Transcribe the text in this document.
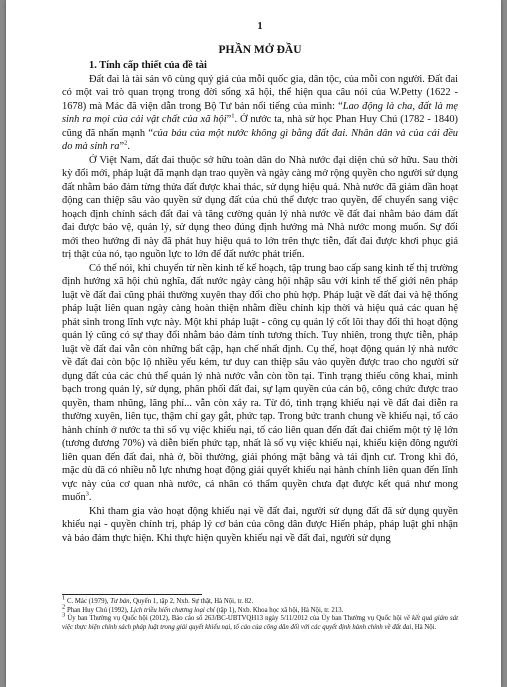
1

PHẦN MỞ ĐẦU

1. Tính cấp thiết của đề tài

Đất đai là tài sản vô cùng quý giá của mỗi quốc gia, dân tộc, của mỗi con người. Đất đai có một vai trò quan trọng trong đời sống xã hội, thể hiện qua câu nói của W.Petty (1622 - 1678) mà Mác đã viện dẫn trong Bộ Tư bản nổi tiếng của mình: “Lao động là cha, đất là mẹ sinh ra mọi của cải vật chất của xã hội”$^1$. Ở nước ta, nhà sử học Phan Huy Chú (1782 - 1840) cũng đã nhấn mạnh “của báu của một nước không gì bằng đất đai. Nhân dân và của cải đều do mà sinh ra”$^2$.

Ở Việt Nam, đất đai thuộc sở hữu toàn dân do Nhà nước đại diện chủ sở hữu. Sau thời kỳ đổi mới, pháp luật đã mạnh dạn trao quyền và ngày càng mở rộng quyền cho người sử dụng đất nhằm bảo đảm từng thửa đất được khai thác, sử dụng hiệu quả. Nhà nước đã giảm dần hoạt động can thiệp sâu vào quyền sử dụng đất của chủ thể được trao quyền, để chuyển sang việc hoạch định chính sách đất đai và tăng cường quản lý nhà nước về đất đai nhằm bảo đảm đất đai được bảo vệ, quản lý, sử dụng theo đúng định hướng mà Nhà nước mong muốn. Sự đổi mới theo hướng đi này đã phát huy hiệu quả to lớn trên thực tiễn, đất đai được khơi phục giá trị thật của nó, tạo nguồn lực to lớn để đất nước phát triển.

Có thể nói, khi chuyển từ nền kinh tế kế hoạch, tập trung bao cấp sang kinh tế thị trường định hướng xã hội chủ nghĩa, đất nước ngày càng hội nhập sâu với kinh tế thế giới nên pháp luật về đất đai cũng phải thường xuyên thay đổi cho phù hợp. Pháp luật về đất đai và hệ thống pháp luật liên quan ngày càng hoàn thiện nhằm điều chỉnh kịp thời và hiệu quả các quan hệ phát sinh trong lĩnh vực này. Một khi pháp luật - công cụ quản lý cốt lõi thay đổi thì hoạt động quản lý cũng có sự thay đổi nhằm bảo đảm tính tương thích. Tuy nhiên, trong thực tiễn, pháp luật về đất đai vẫn còn những bất cập, hạn chế nhất định. Cụ thể, hoạt động quản lý nhà nước về đất đai còn bộc lộ nhiều yếu kém, tư duy can thiệp sâu vào quyền được trao cho người sử dụng đất của các chủ thể quản lý nhà nước vẫn còn tồn tại. Tình trạng thiếu công khai, minh bạch trong quản lý, sử dụng, phân phối đất đai, sự lạm quyền của cán bộ, công chức được trao quyền, tham nhũng, lãng phí... vẫn còn xảy ra. Từ đó, tình trạng khiếu nại về đất đai diễn ra thường xuyên, liên tục, thậm chí gay gắt, phức tạp. Trong bức tranh chung về khiếu nại, tố cáo hành chính ở nước ta thì số vụ việc khiếu nại, tố cáo liên quan đến đất đai chiếm một tỷ lệ lớn (tương đương 70%) và diễn biến phức tạp, nhất là số vụ việc khiếu nại, khiếu kiện đông người liên quan đến đất đai, nhà ở, bồi thường, giải phóng mặt bằng và tái định cư. Trong khi đó, mặc dù đã có nhiều nỗ lực nhưng hoạt động giải quyết khiếu nại hành chính liên quan đến lĩnh vực này của cơ quan nhà nước, cá nhân có thẩm quyền chưa đạt được kết quả như mong muốn$^3$.

Khi tham gia vào hoạt động khiếu nại về đất đai, người sử dụng đất đã sử dụng quyền khiếu nại - quyền chính trị, pháp lý cơ bản của công dân được Hiến pháp, pháp luật ghi nhận và bảo đảm thực hiện. Khi thực hiện quyền khiếu nại về đất đai, người sử dụng

$^1$ C. Mác (1979), Tư bản, Quyển 1, tập 2, Nxb. Sự thật, Hà Nội, tr. 82.

$^2$ Phan Huy Chú (1992), Lịch triều hiến chương loại chí (tập 1), Nxb. Khoa học xã hội, Hà Nội, tr. 213.

$^3$ Ủy ban Thường vụ Quốc hội (2012), Báo cáo số 263/BC-UBTVQH13 ngày 5/11/2012 của Ủy ban Thường vụ Quốc hội về kết quả giám sát việc thực hiện chính sách pháp luật trong giải quyết khiếu nại, tố cáo của công dân đối với các quyết định hành chính về đất đai, Hà Nội.
